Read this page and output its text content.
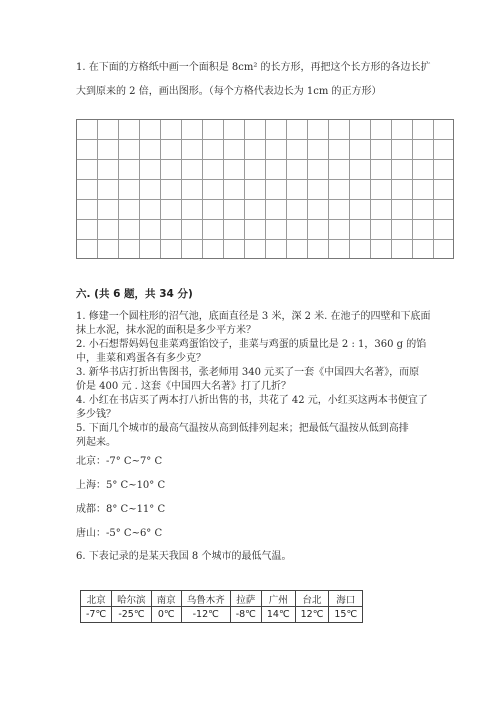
1. 在下面的方格纸中画一个面积是 8cm² 的长方形，再把这个长方形的各边长扩
大到原来的 2 倍，画出图形。（每个方格代表边长为 1cm 的正方形）
六. (共 6 题，共 34 分)
1. 修建一个圆柱形的沼气池，底面直径是 3 米，深 2 米. 在池子的四壁和下底面
抹上水泥，抹水泥的面积是多少平方米？
2. 小石想帮妈妈包韭菜鸡蛋馅饺子，韭菜与鸡蛋的质量比是 2 : 1，360 g 的馅
中，韭菜和鸡蛋各有多少克？
3. 新华书店打折出售图书，张老师用 340 元买了一套《中国四大名著》，而原
价是 400 元 . 这套《中国四大名著》打了几折？
4. 小红在书店买了两本打八折出售的书，共花了 42 元，小红买这两本书便宜了
多少钱？
5. 下面几个城市的最高气温按从高到低排列起来；把最低气温按从低到高排
列起来。
北京：-7° C~7° C
上海：5° C~10° C
成都：8° C~11° C
唐山：-5° C~6° C
6. 下表记录的是某天我国 8 个城市的最低气温。
北京	哈尔滨	南京	乌鲁木齐	拉萨	广州	台北	海口
-7℃	-25℃	0℃	-12℃	-8℃	14℃	12℃	15℃
